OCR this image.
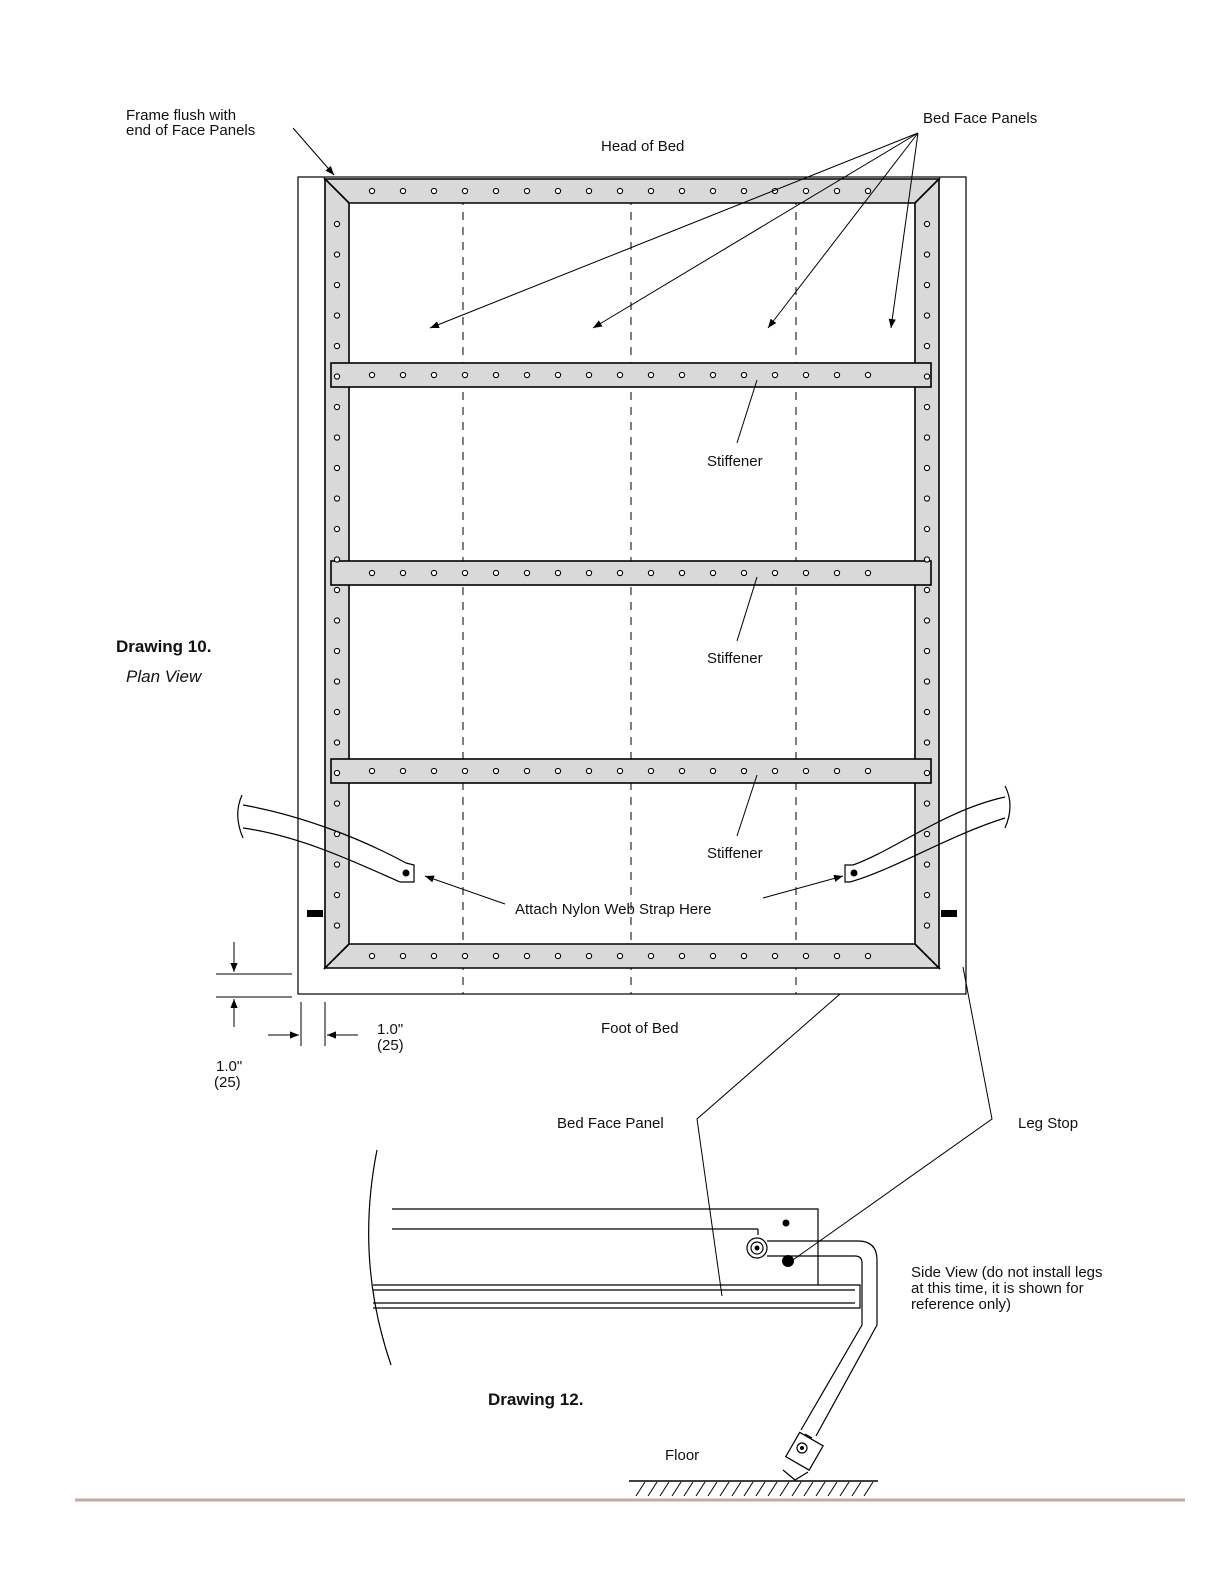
Frame flush with
end of Face Panels
Head of Bed
Foot of Bed
Bed Face Panels
Stiffener
Stiffener
Stiffener
Attach Nylon Web Strap Here
Drawing 10.
Plan View
1.0"
(25)
1.0"
(25)
Bed Face Panel	Leg Stop
Side View (do not install legs
at this time, it is shown for
reference only)
Floor
Drawing 12.
